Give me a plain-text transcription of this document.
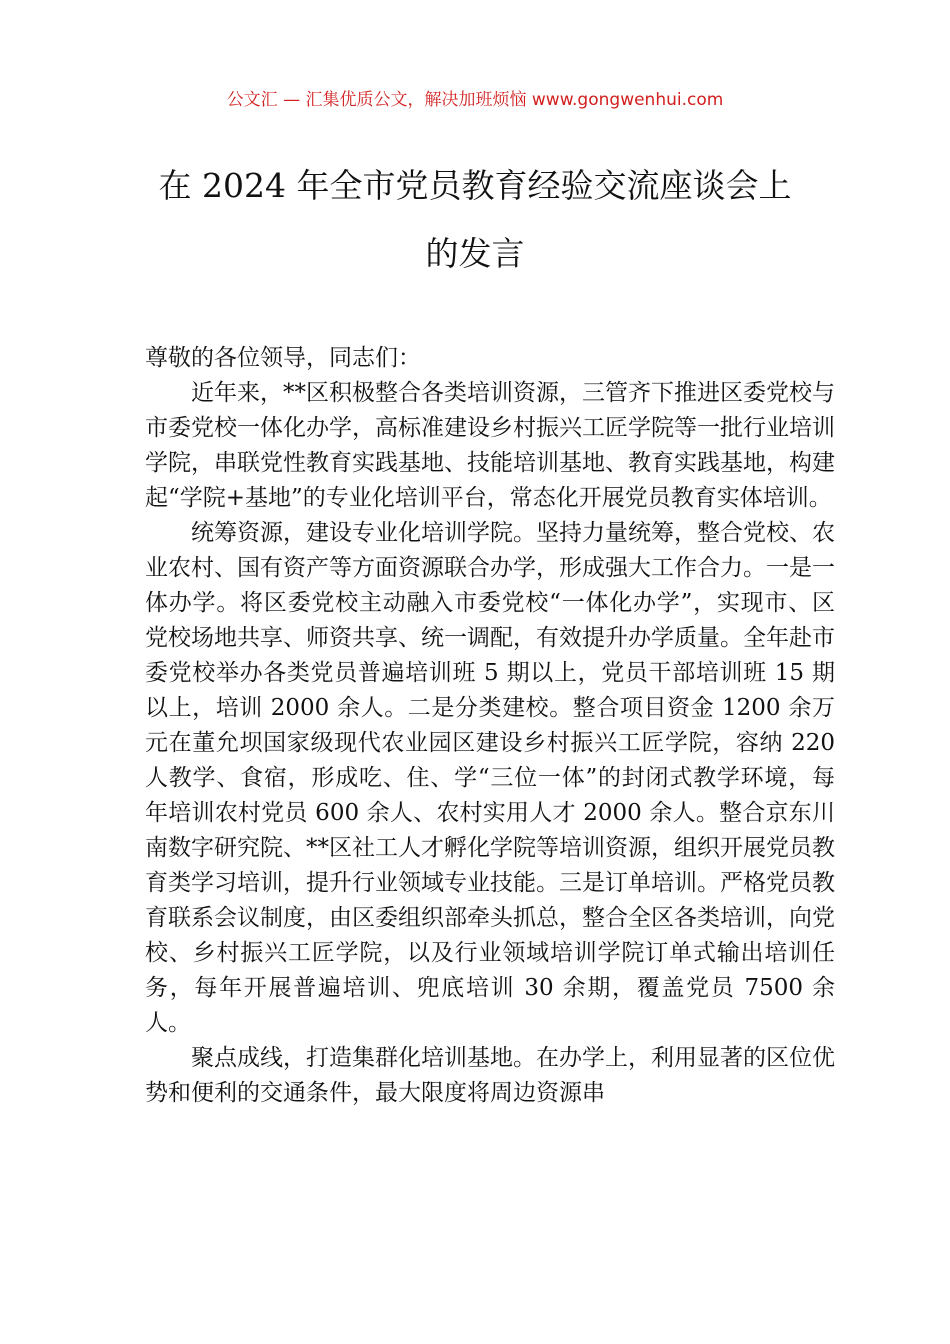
公文汇 — 汇集优质公文，解决加班烦恼 www.gongwenhui.com
在 2024 年全市党员教育经验交流座谈会上
的发言

尊敬的各位领导，同志们：

近年来，**区积极整合各类培训资源，三管齐下推进区委党校与市委党校一体化办学，高标准建设乡村振兴工匠学院等一批行业培训学院，串联党性教育实践基地、技能培训基地、教育实践基地，构建起“学院+基地”的专业化培训平台，常态化开展党员教育实体培训。

统筹资源，建设专业化培训学院。坚持力量统筹，整合党校、农业农村、国有资产等方面资源联合办学，形成强大工作合力。一是一体办学。将区委党校主动融入市委党校“一体化办学”，实现市、区党校场地共享、师资共享、统一调配，有效提升办学质量。全年赴市委党校举办各类党员普遍培训班 5 期以上，党员干部培训班 15 期以上，培训 2000 余人。二是分类建校。整合项目资金 1200 余万元在董允坝国家级现代农业园区建设乡村振兴工匠学院，容纳 220 人教学、食宿，形成吃、住、学“三位一体”的封闭式教学环境，每年培训农村党员 600 余人、农村实用人才 2000 余人。整合京东川南数字研究院、**区社工人才孵化学院等培训资源，组织开展党员教育类学习培训，提升行业领域专业技能。三是订单培训。严格党员教育联系会议制度，由区委组织部牵头抓总，整合全区各类培训，向党校、乡村振兴工匠学院，以及行业领域培训学院订单式输出培训任务，每年开展普遍培训、兜底培训 30 余期，覆盖党员 7500 余人。

聚点成线，打造集群化培训基地。在办学上，利用显著的区位优势和便利的交通条件，最大限度将周边资源串
